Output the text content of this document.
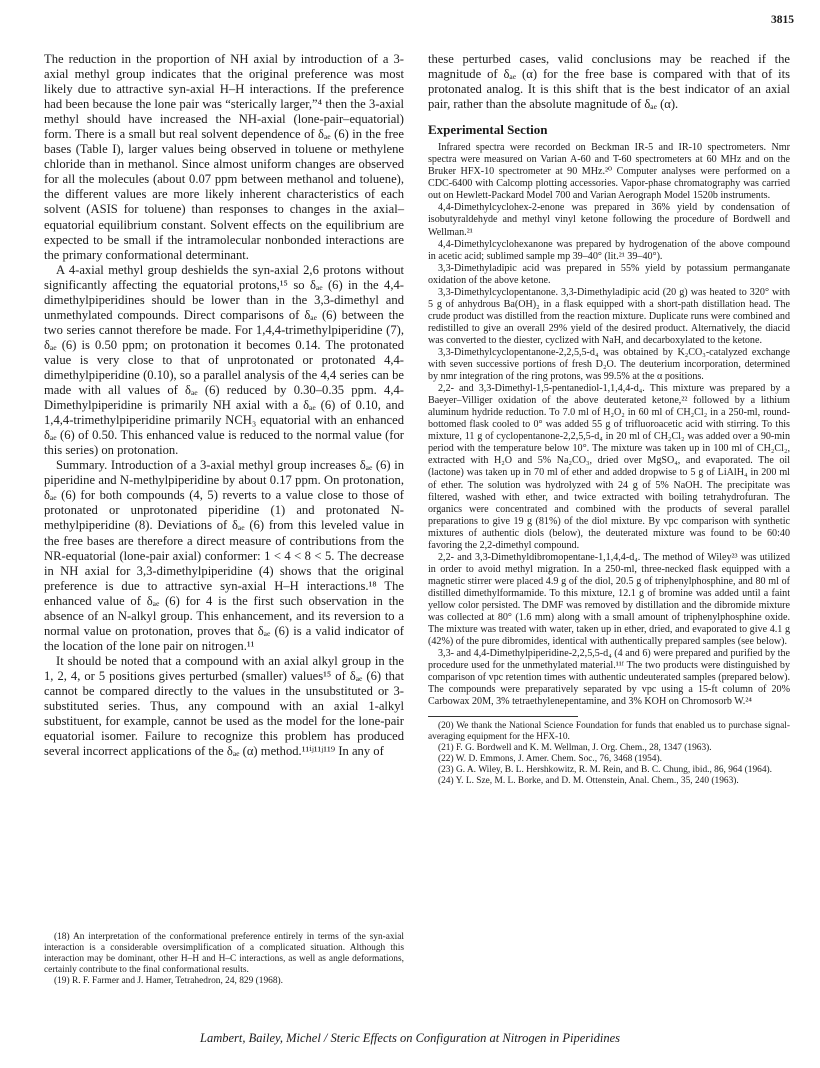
3815

The reduction in the proportion of NH axial by introduction of a 3-axial methyl group indicates that the original preference was most likely due to attractive syn-axial H–H interactions. If the preference had been because the lone pair was “sterically larger,”⁴ then the 3-axial methyl should have increased the NH-axial (lone-pair–equatorial) form. There is a small but real solvent dependence of δₐₑ (6) in the free bases (Table I), larger values being observed in toluene or methylene chloride than in methanol. Since almost uniform changes are observed for all the molecules (about 0.07 ppm between methanol and toluene), the different values are more likely inherent characteristics of each solvent (ASIS for toluene) than responses to changes in the axial–equatorial equilibrium constant. Solvent effects on the equilibrium are expected to be small if the intramolecular nonbonded interactions are the primary conformational determinant.

A 4-axial methyl group deshields the syn-axial 2,6 protons without significantly affecting the equatorial protons,¹⁵ so δₐₑ (6) in the 4,4-dimethylpiperidines should be lower than in the 3,3-dimethyl and unmethylated compounds. Direct comparisons of δₐₑ (6) between the two series cannot therefore be made. For 1,4,4-trimethylpiperidine (7), δₐₑ (6) is 0.50 ppm; on protonation it becomes 0.14. The protonated value is very close to that of unprotonated or protonated 4,4-dimethylpiperidine (0.10), so a parallel analysis of the 4,4 series can be made with all values of δₐₑ (6) reduced by 0.30–0.35 ppm. 4,4-Dimethylpiperidine is primarily NH axial with a δₐₑ (6) of 0.10, and 1,4,4-trimethylpiperidine primarily NCH₃ equatorial with an enhanced δₐₑ (6) of 0.50. This enhanced value is reduced to the normal value (for this series) on protonation.

Summary. Introduction of a 3-axial methyl group increases δₐₑ (6) in piperidine and N-methylpiperidine by about 0.17 ppm. On protonation, δₐₑ (6) for both compounds (4, 5) reverts to a value close to those of protonated or unprotonated piperidine (1) and protonated N-methylpiperidine (8). Deviations of δₐₑ (6) from this leveled value in the free bases are therefore a direct measure of contributions from the NR-equatorial (lone-pair axial) conformer: 1 < 4 < 8 < 5. The decrease in NH axial for 3,3-dimethylpiperidine (4) shows that the original preference is due to attractive syn-axial H–H interactions.¹⁸ The enhanced value of δₐₑ (6) for 4 is the first such observation in the absence of an N-alkyl group. This enhancement, and its reversion to a normal value on protonation, proves that δₐₑ (6) is a valid indicator of the location of the lone pair on nitrogen.¹¹

It should be noted that a compound with an axial alkyl group in the 1, 2, 4, or 5 positions gives perturbed (smaller) values¹⁵ of δₐₑ (6) that cannot be compared directly to the values in the unsubstituted or 3-substituted series. Thus, any compound with an axial 1-alkyl substituent, for example, cannot be used as the model for the lone-pair equatorial isomer. Failure to recognize this problem has produced several incorrect applications of the δₐₑ (α) method.¹¹ⁱʲ¹¹ʲ¹¹⁹ In any of

(18) An interpretation of the conformational preference entirely in terms of the syn-axial interaction is a considerable oversimplification of a complicated situation. Although this interaction may be dominant, other H–H and H–C interactions, as well as angle deformations, certainly contribute to the final conformational results.

(19) R. F. Farmer and J. Hamer, Tetrahedron, 24, 829 (1968).

these perturbed cases, valid conclusions may be reached if the magnitude of δₐₑ (α) for the free base is compared with that of its protonated analog. It is this shift that is the best indicator of an axial pair, rather than the absolute magnitude of δₐₑ (α).

Experimental Section

Infrared spectra were recorded on Beckman IR-5 and IR-10 spectrometers. Nmr spectra were measured on Varian A-60 and T-60 spectrometers at 60 MHz and on the Bruker HFX-10 spectrometer at 90 MHz.²⁰ Computer analyses were performed on a CDC-6400 with Calcomp plotting accessories. Vapor-phase chromatography was carried out on Hewlett-Packard Model 700 and Varian Aerograph Model 1520b instruments.

4,4-Dimethylcyclohex-2-enone was prepared in 36% yield by condensation of isobutyraldehyde and methyl vinyl ketone following the procedure of Bordwell and Wellman.²¹

4,4-Dimethylcyclohexanone was prepared by hydrogenation of the above compound in acetic acid; sublimed sample mp 39–40° (lit.²¹ 39–40°).

3,3-Dimethyladipic acid was prepared in 55% yield by potassium permanganate oxidation of the above ketone.

3,3-Dimethylcyclopentanone. 3,3-Dimethyladipic acid (20 g) was heated to 320° with 5 g of anhydrous Ba(OH)₂ in a flask equipped with a short-path distillation head. The crude product was distilled from the reaction mixture. Duplicate runs were combined and redistilled to give an overall 29% yield of the desired product. Alternatively, the diacid was converted to the diester, cyclized with NaH, and decarboxylated to the ketone.

3,3-Dimethylcyclopentanone-2,2,5,5-d₄ was obtained by K₂CO₃-catalyzed exchange with seven successive portions of fresh D₂O. The deuterium incorporation, determined by nmr integration of the ring protons, was 99.5% at the α positions.

2,2- and 3,3-Dimethyl-1,5-pentanediol-1,1,4,4-d₄. This mixture was prepared by a Baeyer–Villiger oxidation of the above deuterated ketone,²² followed by a lithium aluminum hydride reduction. To 7.0 ml of H₂O₂ in 60 ml of CH₂Cl₂ in a 250-ml, round-bottomed flask cooled to 0° was added 55 g of trifluoroacetic acid with stirring. To this mixture, 11 g of cyclopentanone-2,2,5,5-d₄ in 20 ml of CH₂Cl₂ was added over a 90-min period with the temperature below 10°. The mixture was taken up in 100 ml of CH₂Cl₂, extracted with H₂O and 5% Na₂CO₃, dried over MgSO₄, and evaporated. The oil (lactone) was taken up in 70 ml of ether and added dropwise to 5 g of LiAlH₄ in 200 ml of ether. The solution was hydrolyzed with 24 g of 5% NaOH. The precipitate was filtered, washed with ether, and twice extracted with boiling tetrahydrofuran. The organics were concentrated and combined with the products of several parallel preparations to give 19 g (81%) of the diol mixture. By vpc comparison with synthetic mixtures of authentic diols (below), the deuterated mixture was found to be 60:40 favoring the 2,2-dimethyl compound.

2,2- and 3,3-Dimethyldibromopentane-1,1,4,4-d₄. The method of Wiley²³ was utilized in order to avoid methyl migration. In a 250-ml, three-necked flask equipped with a magnetic stirrer were placed 4.9 g of the diol, 20.5 g of triphenylphosphine, and 80 ml of distilled dimethylformamide. To this mixture, 12.1 g of bromine was added until a faint yellow color persisted. The DMF was removed by distillation and the dibromide mixture was collected at 80° (1.6 mm) along with a small amount of triphenylphosphine oxide. The mixture was treated with water, taken up in ether, dried, and evaporated to give 4.1 g (42%) of the pure dibromides, identical with authentically prepared samples (see below).

3,3- and 4,4-Dimethylpiperidine-2,2,5,5-d₄ (4 and 6) were prepared and purified by the procedure used for the unmethylated material.¹¹ᶠ The two products were distinguished by comparison of vpc retention times with authentic undeuterated samples (prepared below). The compounds were preparatively separated by vpc using a 15-ft column of 20% Carbowax 20M, 3% tetraethylenepentamine, and 3% KOH on Chromosorb W.²⁴

(20) We thank the National Science Foundation for funds that enabled us to purchase signal-averaging equipment for the HFX-10.

(21) F. G. Bordwell and K. M. Wellman, J. Org. Chem., 28, 1347 (1963).

(22) W. D. Emmons, J. Amer. Chem. Soc., 76, 3468 (1954).

(23) G. A. Wiley, B. L. Hershkowitz, R. M. Rein, and B. C. Chung, ibid., 86, 964 (1964).

(24) Y. L. Sze, M. L. Borke, and D. M. Ottenstein, Anal. Chem., 35, 240 (1963).

Lambert, Bailey, Michel / Steric Effects on Configuration at Nitrogen in Piperidines
